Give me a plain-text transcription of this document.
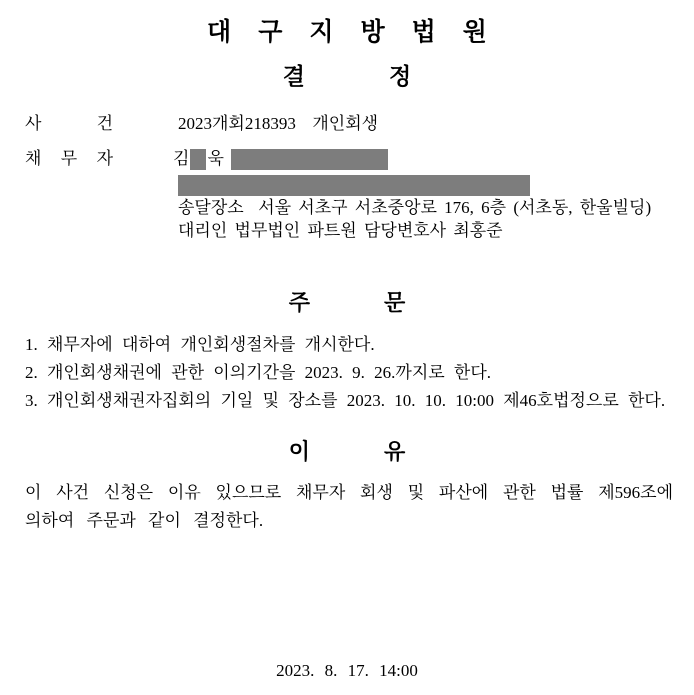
대구지방법원
결정
사	건	2023개회218393  개인회생
채 무 자	김 욱
송달장소  서울 서초구 서초중앙로 176, 6층 (서초동, 한울빌딩)
대리인 법무법인 파트원 담당변호사 최홍준
주문
1. 채무자에 대하여 개인회생절차를 개시한다.
2. 개인회생채권에 관한 이의기간을 2023. 9. 26.까지로 한다.
3. 개인회생채권자집회의 기일 및 장소를 2023. 10. 10. 10:00 제46호법정으로 한다.
이유

이 사건 신청은 이유 있으므로 채무자 회생 및 파산에 관한 법률 제596조에 의하여 주문과 같이 결정한다.

2023. 8. 17. 14:00
